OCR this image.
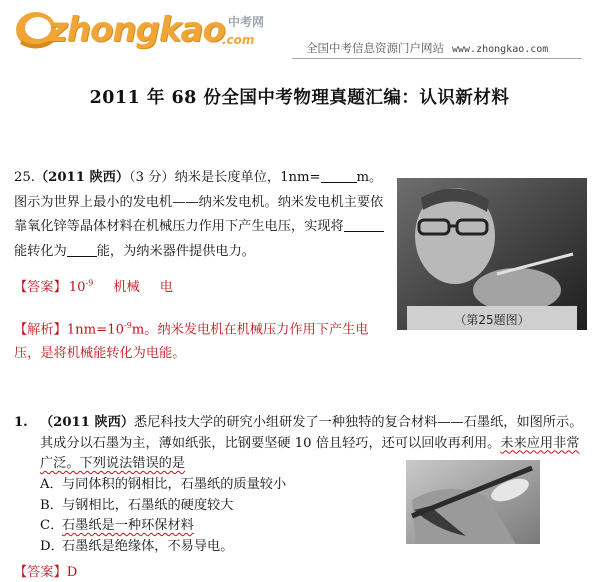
zhongkao 中考网
.com
全国中考信息资源门户网站 www.zhongkao.com
2011 年 68 份全国中考物理真题汇编：认识新材料
25.（2011 陕西）（3 分）纳米是长度单位，1nm=	m。图示为世界上最小的发电机——纳米发电机。纳米发电机主要依靠氧化锌等晶体材料在机械压力作用下产生电压，实现将能转化为 能，为纳米器件提供电力。
【答案】 $10^{-9}$ 机械 电
【解析】$1nm=10^{-9}m$。纳米发电机在机械压力作用下产生电压，是将机械能转化为电能。
（第25题图）
1. （2011 陕西）悉尼科技大学的研究小组研发了一种独特的复合材料——石墨纸，如图所示。其成分以石墨为主，薄如纸张，比钢要坚硬 10 倍且轻巧，还可以回收再利用。未来应用非常广泛。下列说法错误的是
A．与同体积的钢相比，石墨纸的质量较小
B．与钢相比，石墨纸的硬度较大
C．石墨纸是一种环保材料
D．石墨纸是绝缘体，不易导电。
【答案】D
